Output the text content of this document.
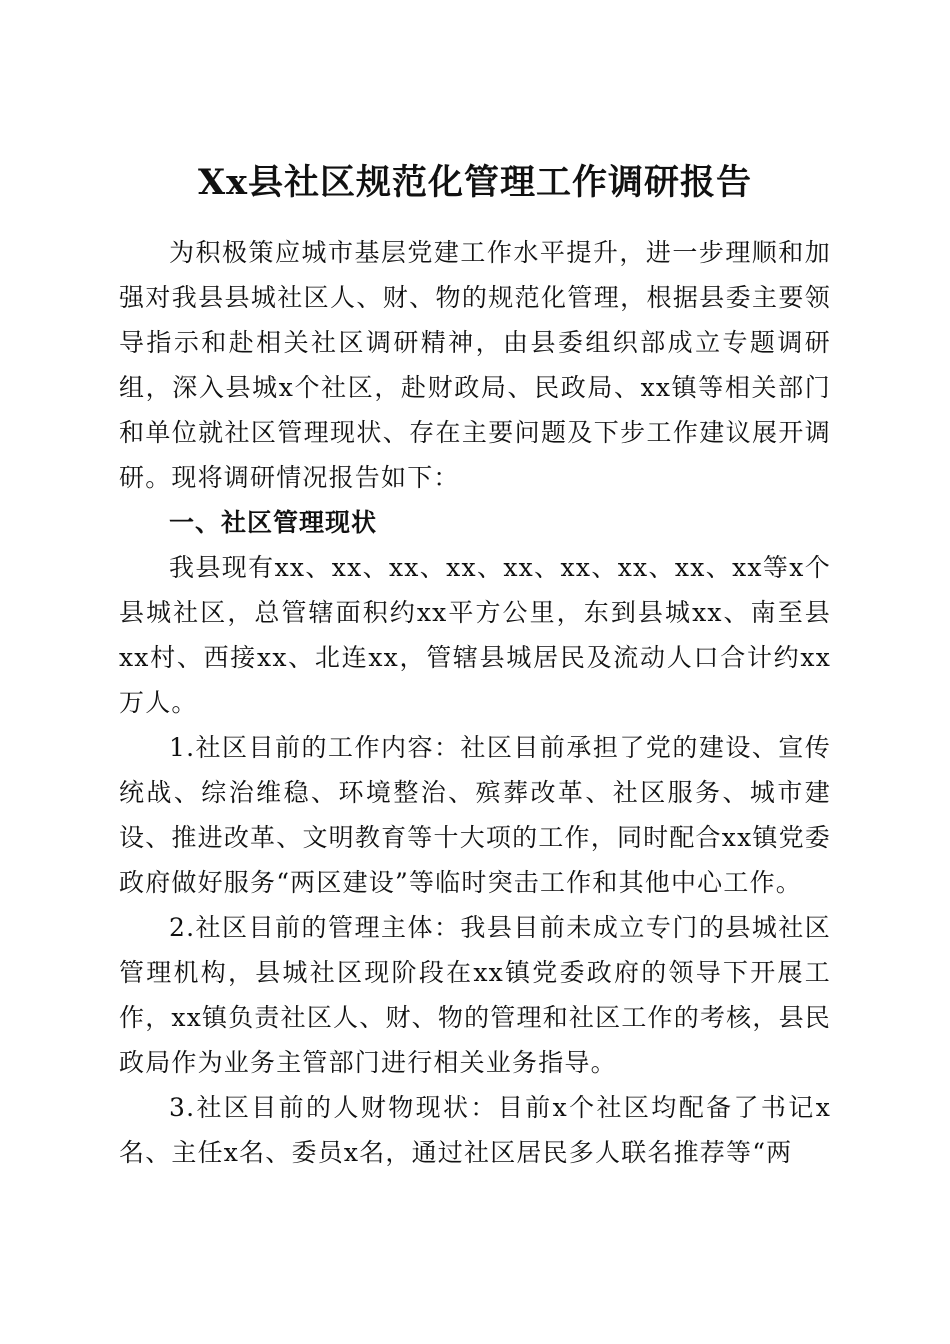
Xx县社区规范化管理工作调研报告

为积极策应城市基层党建工作水平提升，进一步理顺和加强对我县县城社区人、财、物的规范化管理，根据县委主要领导指示和赴相关社区调研精神，由县委组织部成立专题调研组，深入县城x个社区，赴财政局、民政局、xx镇等相关部门和单位就社区管理现状、存在主要问题及下步工作建议展开调研。现将调研情况报告如下：

一、社区管理现状

我县现有xx、xx、xx、xx、xx、xx、xx、xx、xx等x个县城社区，总管辖面积约xx平方公里，东到县城xx、南至县xx村、西接xx、北连xx，管辖县城居民及流动人口合计约xx万人。

1.社区目前的工作内容：社区目前承担了党的建设、宣传统战、综治维稳、环境整治、殡葬改革、社区服务、城市建设、推进改革、文明教育等十大项的工作，同时配合xx镇党委政府做好服务“两区建设”等临时突击工作和其他中心工作。

2.社区目前的管理主体：我县目前未成立专门的县城社区管理机构，县城社区现阶段在xx镇党委政府的领导下开展工作，xx镇负责社区人、财、物的管理和社区工作的考核，县民政局作为业务主管部门进行相关业务指导。

3.社区目前的人财物现状：目前x个社区均配备了书记x名、主任x名、委员x名，通过社区居民多人联名推荐等“两
